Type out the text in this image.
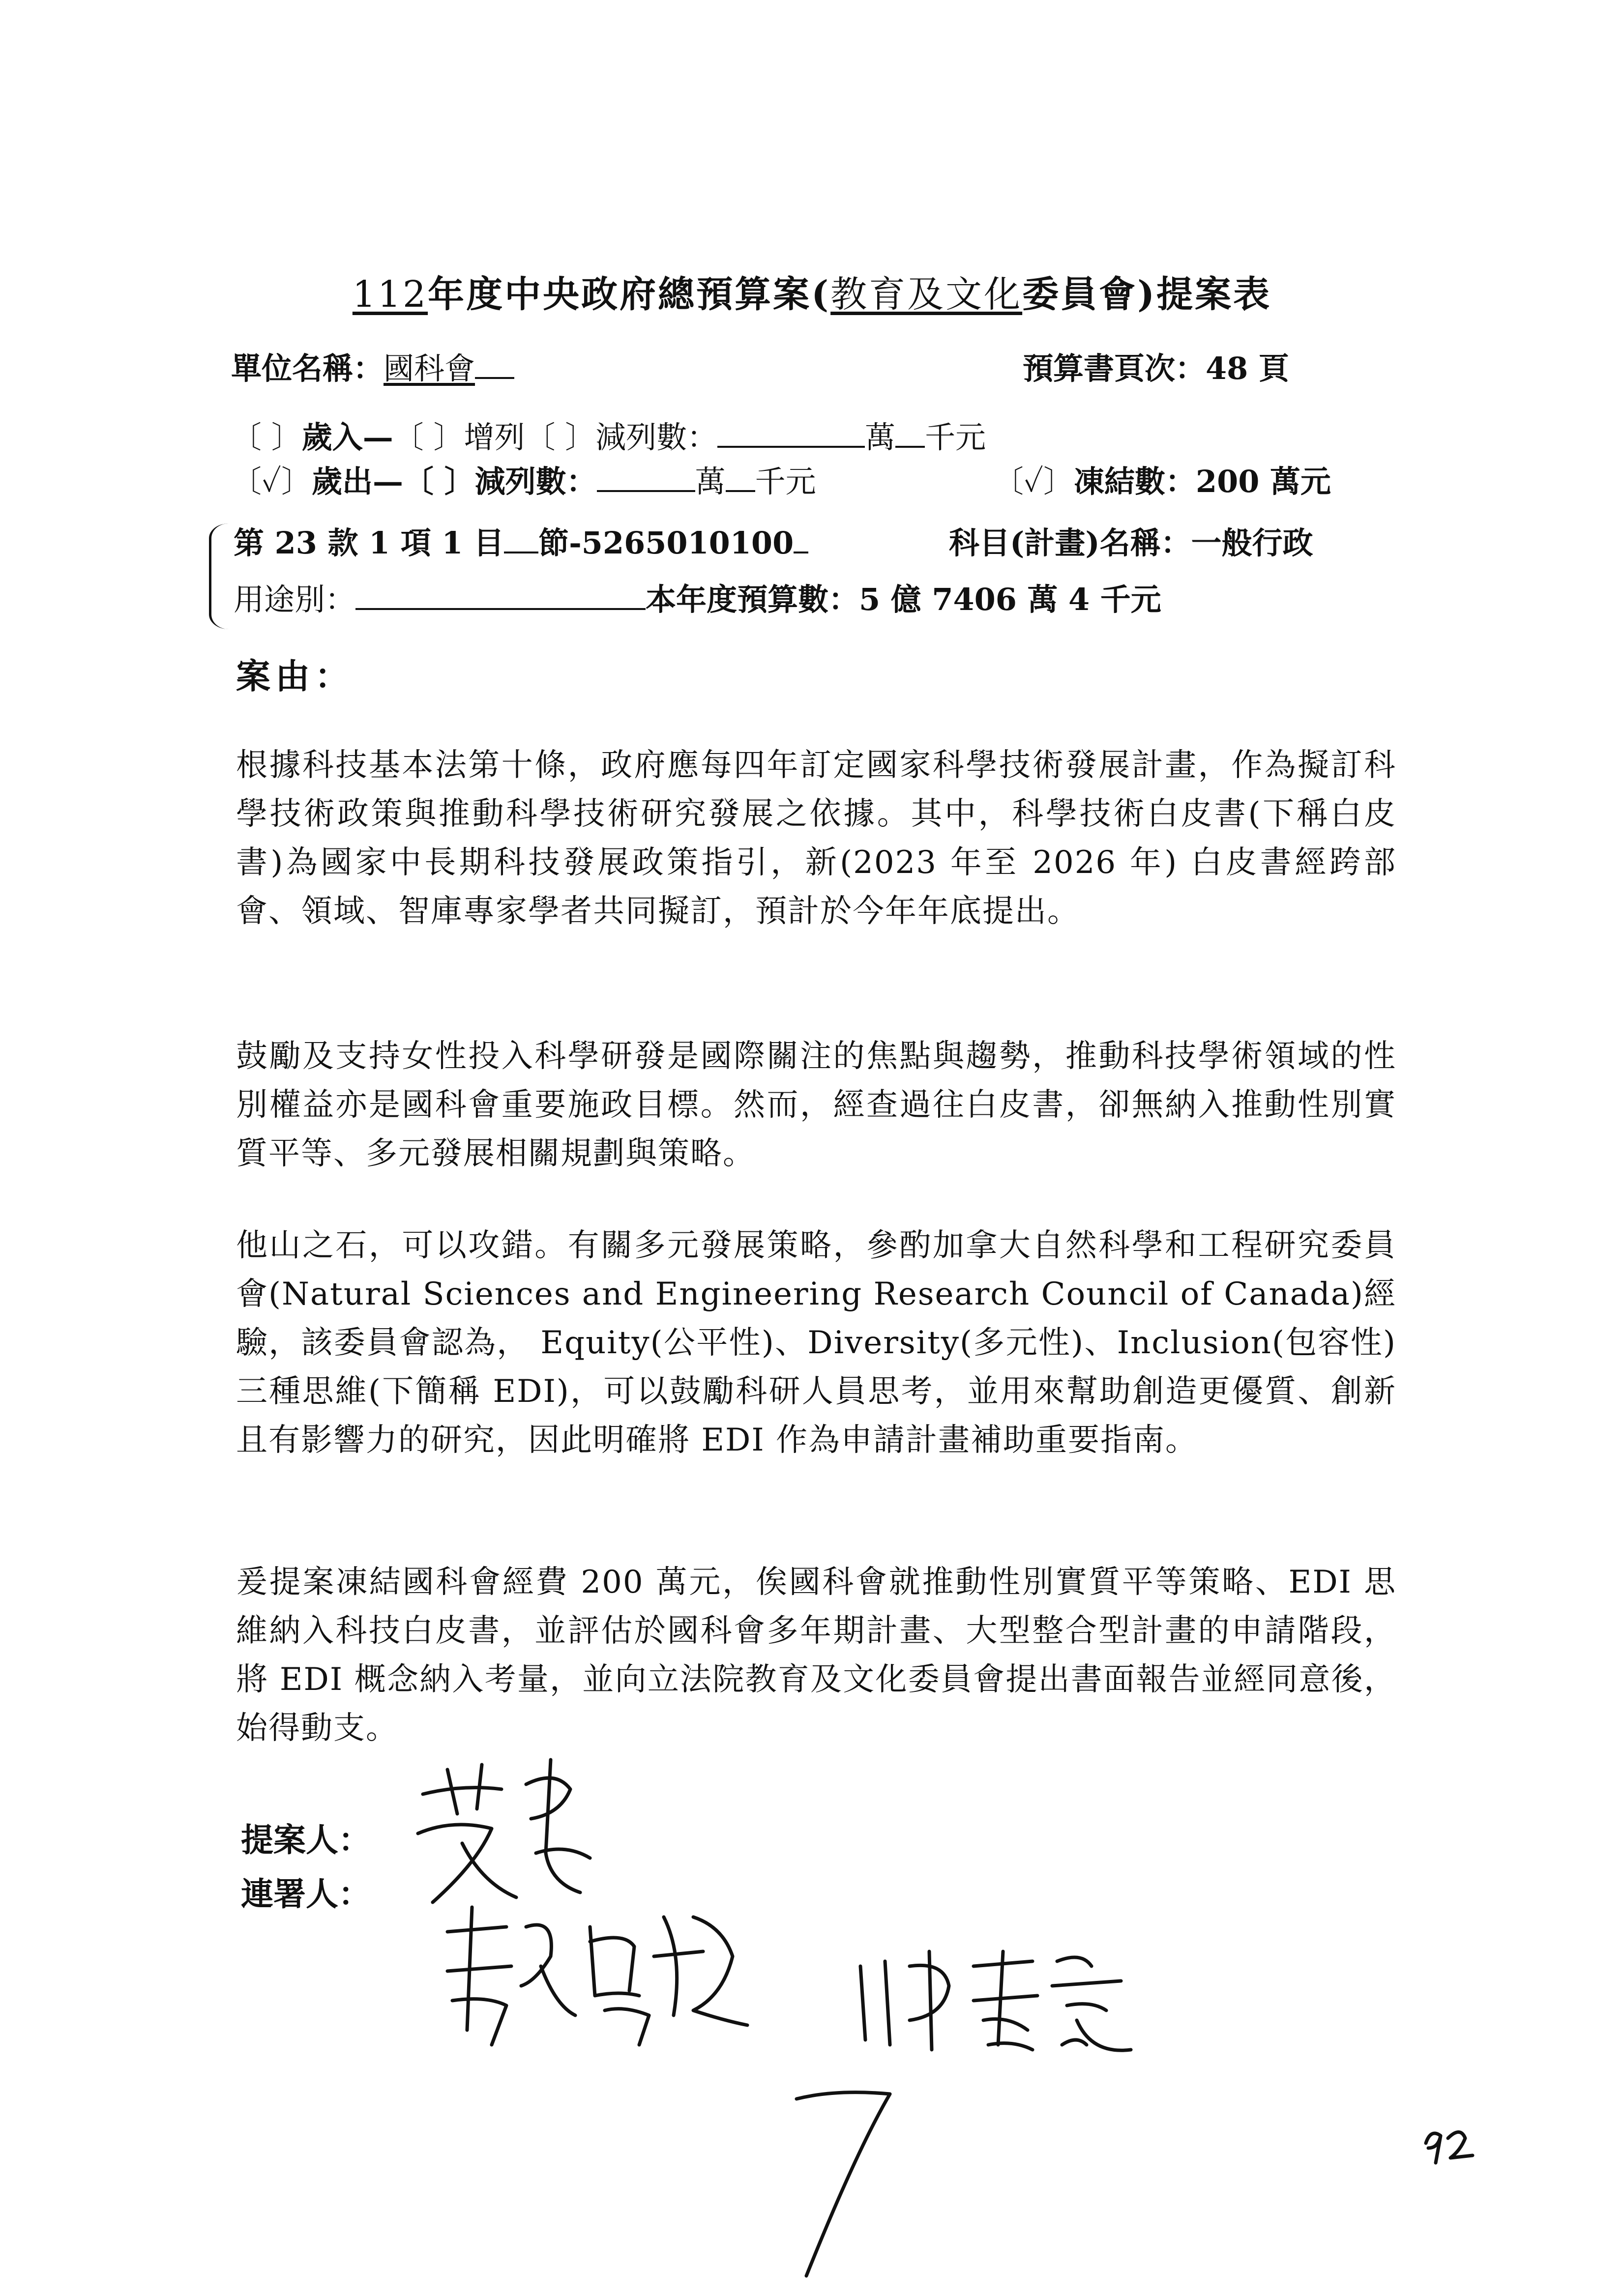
112年度中央政府總預算案(教育及文化委員會)提案表
單位名稱：國科會	預算書頁次：48 頁
〔 〕歲入—〔 〕增列〔 〕減列數：	萬 千元
〔✓〕歲出—〔 〕減列數：	萬 千元	〔✓〕凍結數：200 萬元
第 23 款 1 項 1 目 節-5265010100	科目(計畫)名稱：一般行政
用途別：	本年度預算數：5 億 7406 萬 4 千元
案由：
根據科技基本法第十條，政府應每四年訂定國家科學技術發展計畫，作為擬訂科學技術政策與推動科學技術研究發展之依據。其中，科學技術白皮書(下稱白皮書)為國家中長期科技發展政策指引，新(2023 年至 2026 年) 白皮書經跨部會、領域、智庫專家學者共同擬訂，預計於今年年底提出。
鼓勵及支持女性投入科學研發是國際關注的焦點與趨勢，推動科技學術領域的性別權益亦是國科會重要施政目標。然而，經查過往白皮書，卻無納入推動性別實質平等、多元發展相關規劃與策略。
他山之石，可以攻錯。有關多元發展策略，參酌加拿大自然科學和工程研究委員會(Natural Sciences and Engineering Research Council of Canada)經驗，該委員會認為， Equity(公平性)、Diversity(多元性)、Inclusion(包容性)三種思維(下簡稱 EDI)，可以鼓勵科研人員思考，並用來幫助創造更優質、創新且有影響力的研究，因此明確將 EDI 作為申請計畫補助重要指南。
爰提案凍結國科會經費 200 萬元，俟國科會就推動性別實質平等策略、EDI 思維納入科技白皮書，並評估於國科會多年期計畫、大型整合型計畫的申請階段，將 EDI 概念納入考量，並向立法院教育及文化委員會提出書面報告並經同意後，始得動支。
提案人：
連署人：
